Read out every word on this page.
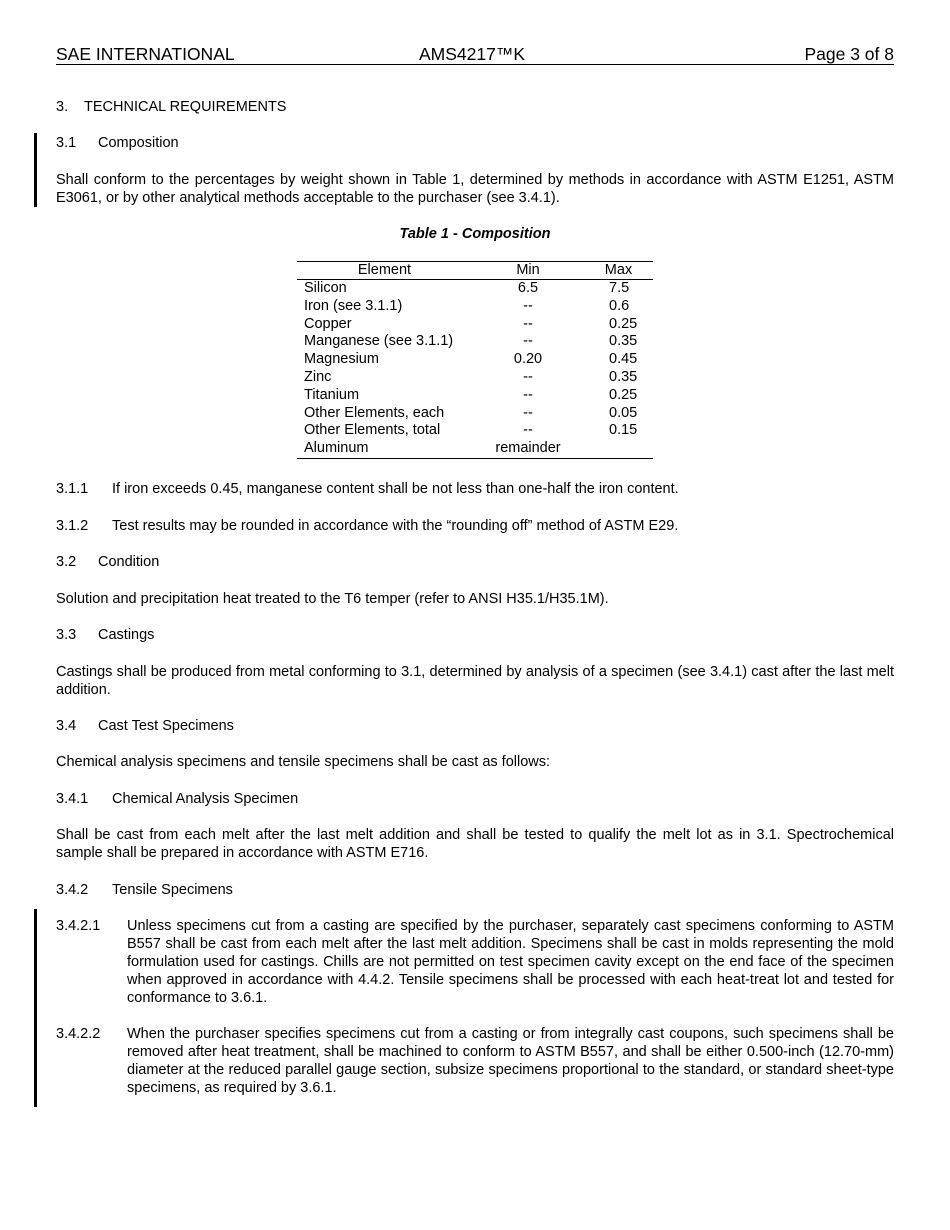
SAE INTERNATIONAL	AMS4217™K	Page 3 of 8
3. TECHNICAL REQUIREMENTS
3.1 Composition
Shall conform to the percentages by weight shown in Table 1, determined by methods in accordance with ASTM E1251, ASTM E3061, or by other analytical methods acceptable to the purchaser (see 3.4.1).
Table 1 - Composition
Element	Min	Max
Silicon	6.5	7.5
Iron (see 3.1.1)	--	0.6
Copper	--	0.25
Manganese (see 3.1.1)	--	0.35
Magnesium	0.20	0.45
Zinc	--	0.35
Titanium	--	0.25
Other Elements, each	--	0.05
Other Elements, total	--	0.15
Aluminum	remainder	
3.1.1 If iron exceeds 0.45, manganese content shall be not less than one-half the iron content.
3.1.2 Test results may be rounded in accordance with the “rounding off” method of ASTM E29.
3.2 Condition
Solution and precipitation heat treated to the T6 temper (refer to ANSI H35.1/H35.1M).
3.3 Castings
Castings shall be produced from metal conforming to 3.1, determined by analysis of a specimen (see 3.4.1) cast after the last melt addition.
3.4 Cast Test Specimens
Chemical analysis specimens and tensile specimens shall be cast as follows:
3.4.1 Chemical Analysis Specimen
Shall be cast from each melt after the last melt addition and shall be tested to qualify the melt lot as in 3.1. Spectrochemical sample shall be prepared in accordance with ASTM E716.
3.4.2 Tensile Specimens
3.4.2.1 Unless specimens cut from a casting are specified by the purchaser, separately cast specimens conforming to ASTM B557 shall be cast from each melt after the last melt addition. Specimens shall be cast in molds representing the mold formulation used for castings. Chills are not permitted on test specimen cavity except on the end face of the specimen when approved in accordance with 4.4.2. Tensile specimens shall be processed with each heat-treat lot and tested for conformance to 3.6.1.
3.4.2.2 When the purchaser specifies specimens cut from a casting or from integrally cast coupons, such specimens shall be removed after heat treatment, shall be machined to conform to ASTM B557, and shall be either 0.500-inch (12.70-mm) diameter at the reduced parallel gauge section, subsize specimens proportional to the standard, or standard sheet-type specimens, as required by 3.6.1.
